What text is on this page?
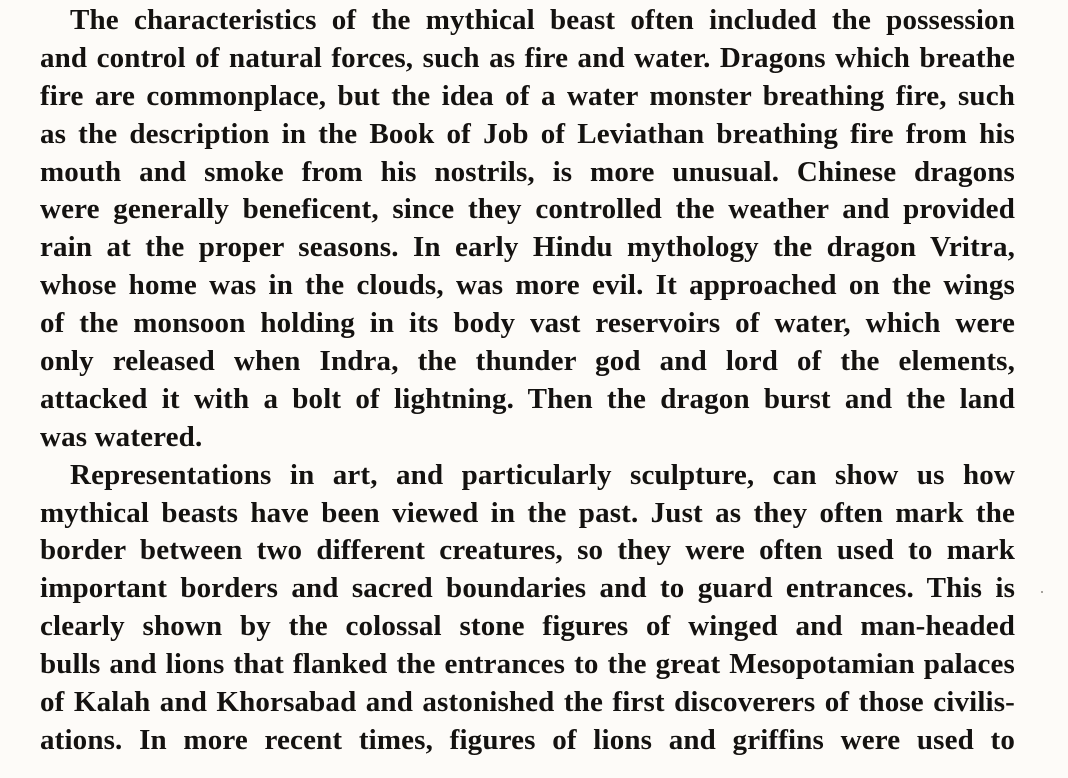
The characteristics of the mythical beast often included the possession
and control of natural forces, such as fire and water. Dragons which breathe
fire are commonplace, but the idea of a water monster breathing fire, such
as the description in the Book of Job of Leviathan breathing fire from his
mouth and smoke from his nostrils, is more unusual. Chinese dragons
were generally beneficent, since they controlled the weather and provided
rain at the proper seasons. In early Hindu mythology the dragon Vritra,
whose home was in the clouds, was more evil. It approached on the wings
of the monsoon holding in its body vast reservoirs of water, which were
only released when Indra, the thunder god and lord of the elements,
attacked it with a bolt of lightning. Then the dragon burst and the land
was watered.
Representations in art, and particularly sculpture, can show us how
mythical beasts have been viewed in the past. Just as they often mark the
border between two different creatures, so they were often used to mark
important borders and sacred boundaries and to guard entrances. This is
clearly shown by the colossal stone figures of winged and man-headed
bulls and lions that flanked the entrances to the great Mesopotamian palaces
of Kalah and Khorsabad and astonished the first discoverers of those civilis-
ations. In more recent times, figures of lions and griffins were used to
